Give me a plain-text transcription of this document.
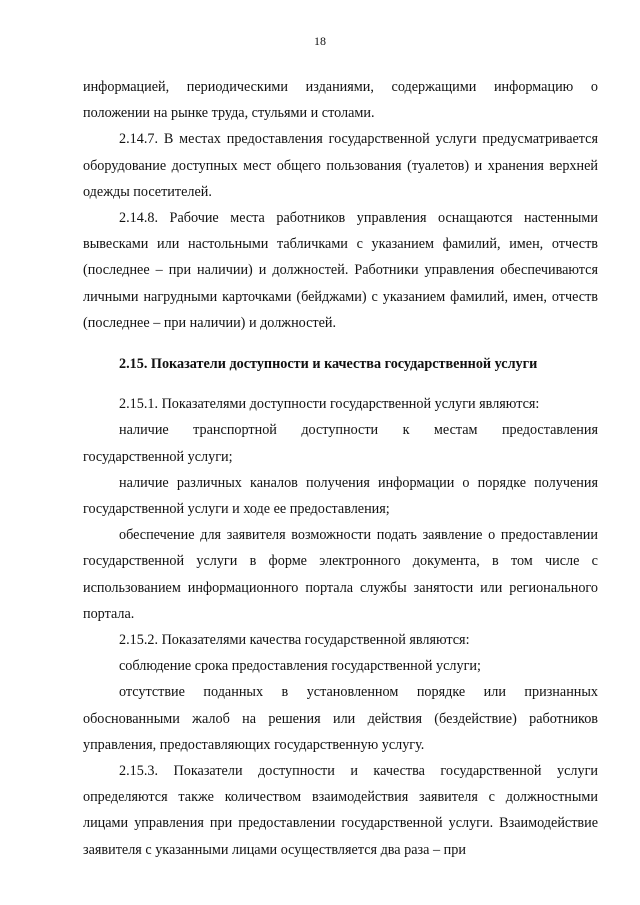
18

информацией, периодическими изданиями, содержащими информацию о положении на рынке труда, стульями и столами.

2.14.7. В местах предоставления государственной услуги предусматривается оборудование доступных мест общего пользования (туалетов) и хранения верхней одежды посетителей.

2.14.8. Рабочие места работников управления оснащаются настенными вывесками или настольными табличками с указанием фамилий, имен, отчеств (последнее – при наличии) и должностей. Работники управления обеспечиваются личными нагрудными карточками (бейджами) с указанием фамилий, имен, отчеств (последнее – при наличии) и должностей.

2.15. Показатели доступности и качества государственной услуги

2.15.1. Показателями доступности государственной услуги являются:

наличие транспортной доступности к местам предоставления государственной услуги;

наличие различных каналов получения информации о порядке получения государственной услуги и ходе ее предоставления;

обеспечение для заявителя возможности подать заявление о предоставлении государственной услуги в форме электронного документа, в том числе с использованием информационного портала службы занятости или регионального портала.

2.15.2. Показателями качества государственной являются:

соблюдение срока предоставления государственной услуги;

отсутствие поданных в установленном порядке или признанных обоснованными жалоб на решения или действия (бездействие) работников управления, предоставляющих государственную услугу.

2.15.3. Показатели доступности и качества государственной услуги определяются также количеством взаимодействия заявителя с должностными лицами управления при предоставлении государственной услуги. Взаимодействие заявителя с указанными лицами осуществляется два раза – при
